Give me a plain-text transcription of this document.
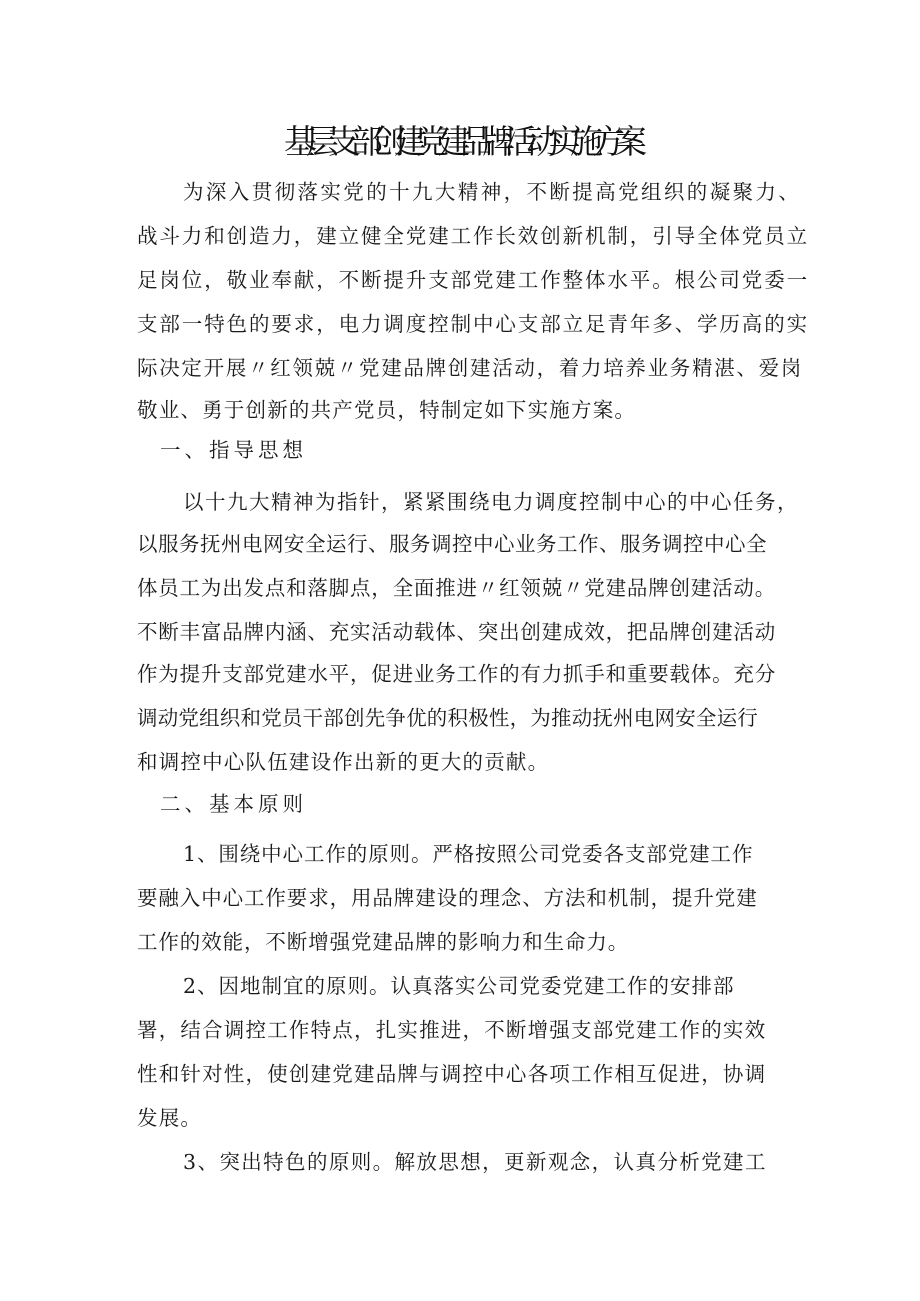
基层支部创建党建品牌活动实施方案
为深入贯彻落实党的十九大精神，不断提高党组织的凝聚力、
战斗力和创造力，建立健全党建工作长效创新机制，引导全体党员立
足岗位，敬业奉献，不断提升支部党建工作整体水平。根公司党委一
支部一特色的要求，电力调度控制中心支部立足青年多、学历高的实
际决定开展〃红领兢〃党建品牌创建活动，着力培养业务精湛、爱岗
敬业、勇于创新的共产党员，特制定如下实施方案。
一、指导思想
以十九大精神为指针，紧紧围绕电力调度控制中心的中心任务，
以服务抚州电网安全运行、服务调控中心业务工作、服务调控中心全
体员工为出发点和落脚点，全面推进〃红领兢〃党建品牌创建活动。
不断丰富品牌内涵、充实活动载体、突出创建成效，把品牌创建活动
作为提升支部党建水平，促进业务工作的有力抓手和重要载体。充分
调动党组织和党员干部创先争优的积极性，为推动抚州电网安全运行
和调控中心队伍建设作出新的更大的贡献。
二、基本原则
1、围绕中心工作的原则。严格按照公司党委各支部党建工作
要融入中心工作要求，用品牌建设的理念、方法和机制，提升党建
工作的效能，不断增强党建品牌的影响力和生命力。
2、因地制宜的原则。认真落实公司党委党建工作的安排部
署，结合调控工作特点，扎实推进，不断增强支部党建工作的实效
性和针对性，使创建党建品牌与调控中心各项工作相互促进，协调
发展。
3、突出特色的原则。解放思想，更新观念，认真分析党建工
